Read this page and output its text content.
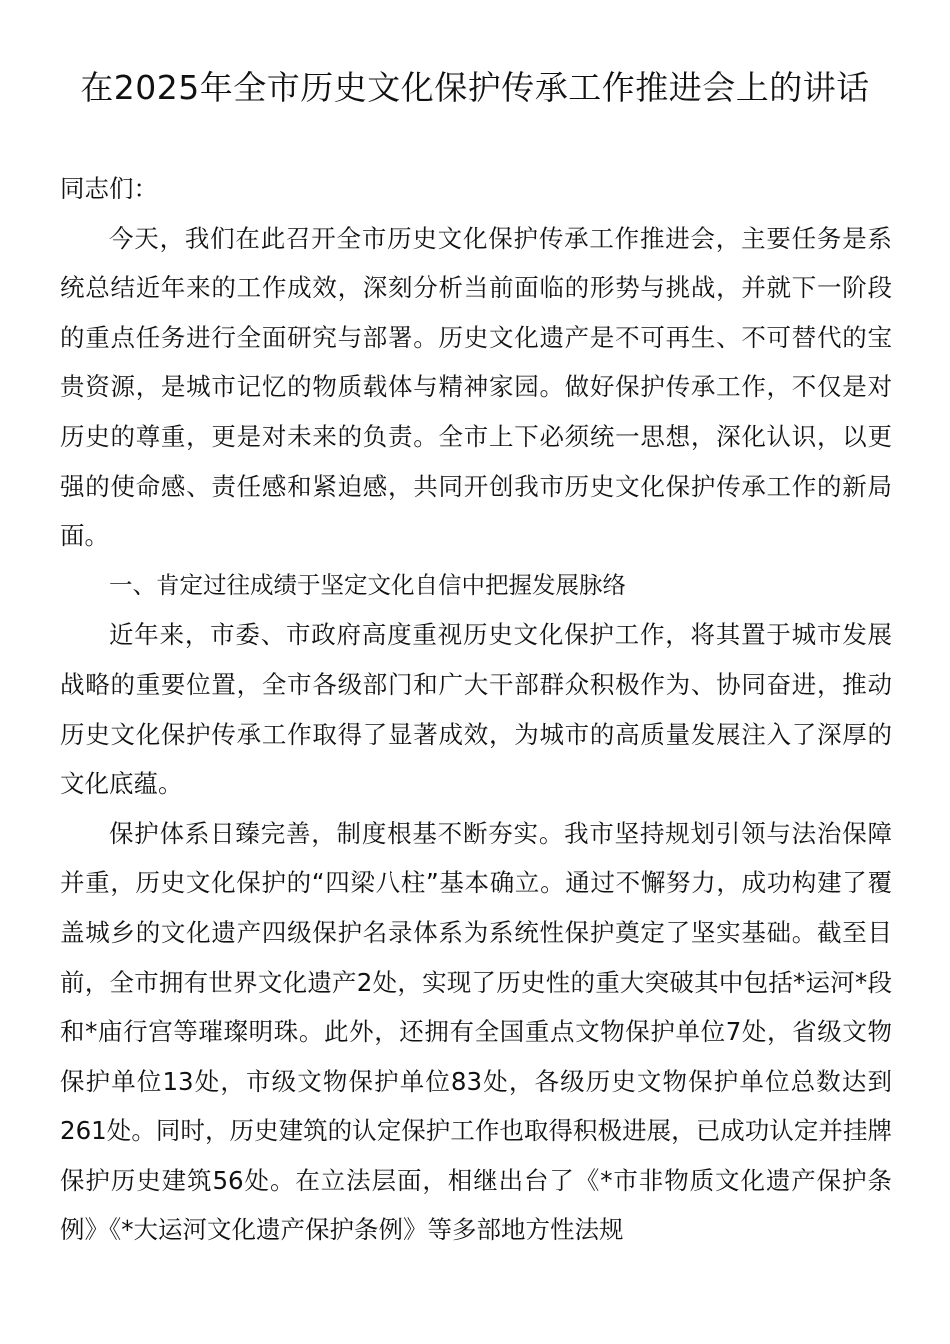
在2025年全市历史文化保护传承工作推进会上的讲话

同志们：

今天，我们在此召开全市历史文化保护传承工作推进会，主要任务是系统总结近年来的工作成效，深刻分析当前面临的形势与挑战，并就下一阶段的重点任务进行全面研究与部署。历史文化遗产是不可再生、不可替代的宝贵资源，是城市记忆的物质载体与精神家园。做好保护传承工作，不仅是对历史的尊重，更是对未来的负责。全市上下必须统一思想，深化认识，以更强的使命感、责任感和紧迫感，共同开创我市历史文化保护传承工作的新局面。

一、肯定过往成绩于坚定文化自信中把握发展脉络

近年来，市委、市政府高度重视历史文化保护工作，将其置于城市发展战略的重要位置，全市各级部门和广大干部群众积极作为、协同奋进，推动历史文化保护传承工作取得了显著成效，为城市的高质量发展注入了深厚的文化底蕴。

保护体系日臻完善，制度根基不断夯实。我市坚持规划引领与法治保障并重，历史文化保护的“四梁八柱”基本确立。通过不懈努力，成功构建了覆盖城乡的文化遗产四级保护名录体系为系统性保护奠定了坚实基础。截至目前，全市拥有世界文化遗产2处，实现了历史性的重大突破其中包括*运河*段和*庙行宫等璀璨明珠。此外，还拥有全国重点文物保护单位7处，省级文物保护单位13处，市级文物保护单位83处，各级历史文物保护单位总数达到261处。同时，历史建筑的认定保护工作也取得积极进展，已成功认定并挂牌保护历史建筑56处。在立法层面，相继出台了《*市非物质文化遗产保护条例》《*大运河文化遗产保护条例》等多部地方性法规
